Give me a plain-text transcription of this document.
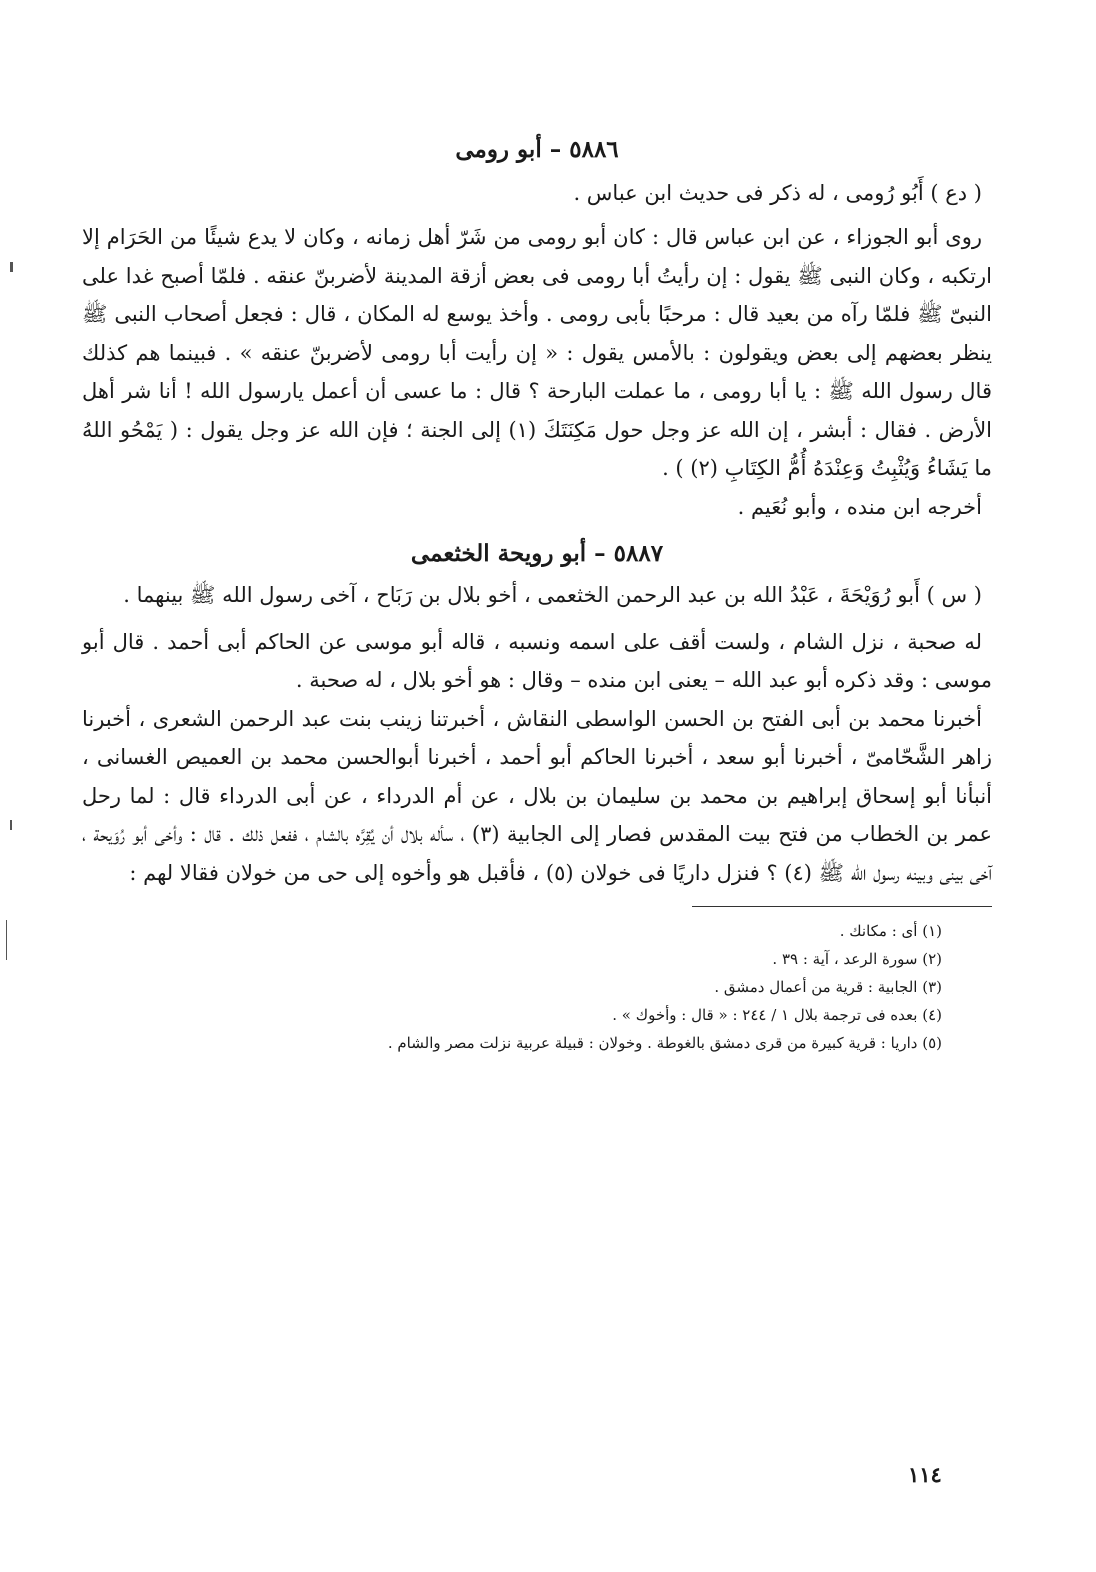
٥٨٨٦ – أبو رومى

( دع ) أَبُو رُومى ، له ذكر فى حديث ابن عباس .

روى أبو الجوزاء ، عن ابن عباس قال : كان أبو رومى من شَرّ أهل زمانه ، وكان لا يدع شيئًا من الحَرَام إلا ارتكبه ، وكان النبى ﷺ يقول : إن رأيتُ أبا رومى فى بعض أزقة المدينة لأضربنّ عنقه . فلمّا أصبح غدا على النبىّ ﷺ فلمّا رآه من بعيد قال : مرحبًا بأبى رومى . وأخذ يوسع له المكان ، قال : فجعل أصحاب النبى ﷺ ينظر بعضهم إلى بعض ويقولون : بالأمس يقول : « إن رأيت أبا رومى لأضربنّ عنقه » . فبينما هم كذلك قال رسول الله ﷺ : يا أبا رومى ، ما عملت البارحة ؟ قال : ما عسى أن أعمل يارسول الله ! أنا شر أهل الأرض . فقال : أبشر ، إن الله عز وجل حول مَكِنَتَكَ (١) إلى الجنة ؛ فإن الله عز وجل يقول : ( يَمْحُو اللهُ ما يَشَاءُ وَيُثْبِتُ وَعِنْدَهُ أُمُّ الكِتَابِ (٢) ) .

أخرجه ابن منده ، وأبو نُعَيم .

٥٨٨٧ – أبو رويحة الخثعمى

( س ) أَبو رُوَيْحَةَ ، عَبْدُ الله بن عبد الرحمن الخثعمى ، أخو بلال بن رَبَاح ، آخى رسول الله ﷺ بينهما .

له صحبة ، نزل الشام ، ولست أقف على اسمه ونسبه ، قاله أبو موسى عن الحاكم أبى أحمد . قال أبو موسى : وقد ذكره أبو عبد الله – يعنى ابن منده – وقال : هو أخو بلال ، له صحبة .

أخبرنا محمد بن أبى الفتح بن الحسن الواسطى النقاش ، أخبرتنا زينب بنت عبد الرحمن الشعرى ، أخبرنا زاهر الشَّحّامىّ ، أخبرنا أبو سعد ، أخبرنا الحاكم أبو أحمد ، أخبرنا أبوالحسن محمد بن العميص الغسانى ، أنبأنا أبو إسحاق إبراهيم بن محمد بن سليمان بن بلال ، عن أم الدرداء ، عن أبى الدرداء قال : لما رحل عمر بن الخطاب من فتح بيت المقدس فصار إلى الجابية (٣) ، سأله بلال أن يُقِرَّه بالشام ، ففعل ذلك . قال : وأخى أبو رُوَيحة ، آخى بينى وبينه رسول الله ﷺ (٤) ؟ فنزل داريًا فى خولان (٥) ، فأقبل هو وأخوه إلى حى من خولان فقالا لهم :

(١) أى : مكانك .

(٢) سورة الرعد ، آية : ٣٩ .

(٣) الجابية : قرية من أعمال دمشق .

(٤) بعده فى ترجمة بلال ١ / ٢٤٤ : « قال : وأخوك » .

(٥) داريا : قرية كبيرة من قرى دمشق بالغوطة . وخولان : قبيلة عربية نزلت مصر والشام .

١١٤
